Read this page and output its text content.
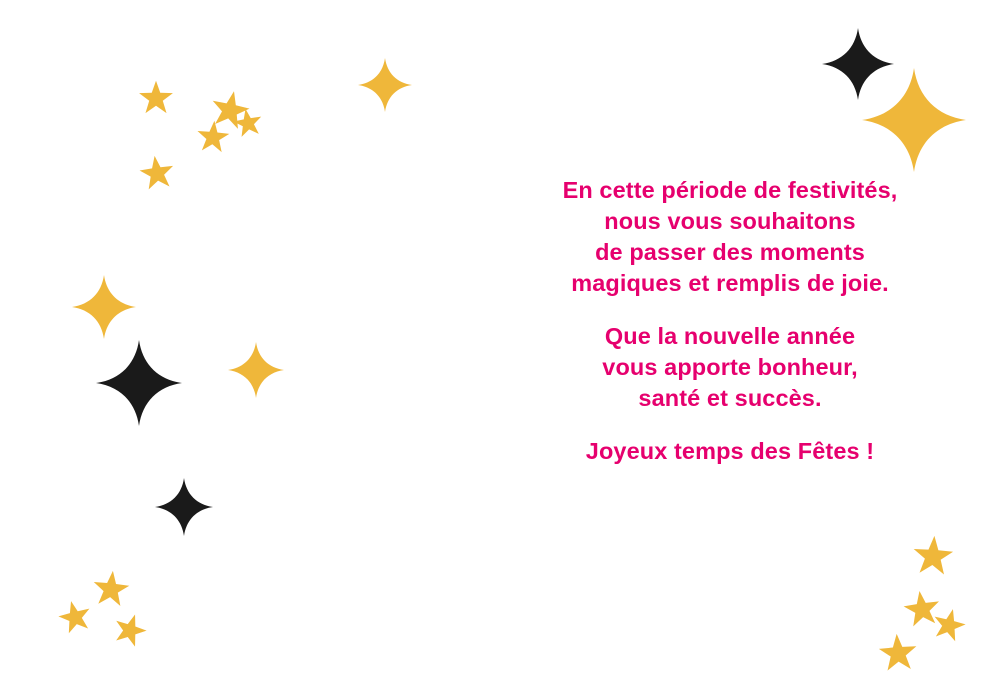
En cette période de festivités,
nous vous souhaitons
de passer des moments
magiques et remplis de joie.
Que la nouvelle année
vous apporte bonheur,
santé et succès.
Joyeux temps des Fêtes !
